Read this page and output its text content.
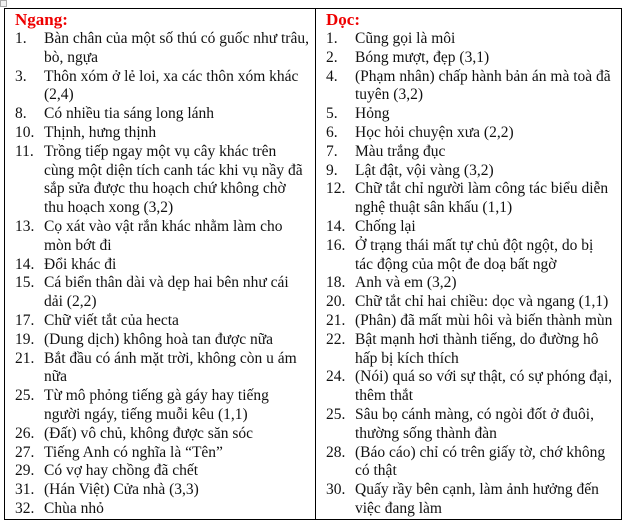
Ngang:
1.	Bàn chân của một số thú có guốc như trâu, bò, ngựa
3.	Thôn xóm ở lẻ loi, xa các thôn xóm khác (2,4)
8.	Có nhiều tia sáng long lánh
10. Thịnh, hưng thịnh
11. Trồng tiếp ngay một vụ cây khác trên cùng một diện tích canh tác khi vụ nầy đã sắp sửa được thu hoạch chứ không chờ thu hoạch xong (3,2)
13. Cọ xát vào vật rắn khác nhằm làm cho mòn bớt đi
14. Đổi khác đi
15. Cá biển thân dài và dẹp hai bên như cái dải (2,2)
17. Chữ viết tắt của hecta
19. (Dung dịch) không hoà tan được nữa
21. Bắt đầu có ánh mặt trời, không còn u ám nữa
25. Từ mô phỏng tiếng gà gáy hay tiếng người ngáy, tiếng muỗi kêu (1,1)
26. (Đất) vô chủ, không được săn sóc
27. Tiếng Anh có nghĩa là “Tên”
29. Có vợ hay chồng đã chết
31. (Hán Việt) Cửa nhà (3,3)
32. Chùa nhỏ
Dọc:
1.	Cũng gọi là môi
2.	Bóng mượt, đẹp (3,1)
4.	(Phạm nhân) chấp hành bản án mà toà đã tuyên (3,2)
5.	Hỏng
6.	Học hỏi chuyện xưa (2,2)
7.	Màu trắng đục
9.	Lật đật, vội vàng (3,2)
12. Chữ tắt chỉ người làm công tác biểu diễn nghệ thuật sân khấu (1,1)
14. Chống lại
16. Ở trạng thái mất tự chủ đột ngột, do bị tác động của một đe doạ bất ngờ
18. Anh và em (3,2)
20. Chữ tắt chỉ hai chiều: dọc và ngang (1,1)
21. (Phân) đã mất mùi hôi và biến thành mùn
22. Bật mạnh hơi thành tiếng, do đường hô hấp bị kích thích
24. (Nói) quá so với sự thật, có sự phóng đại, thêm thắt
25. Sâu bọ cánh màng, có ngòi đốt ở đuôi, thường sống thành đàn
28. (Báo cáo) chỉ có trên giấy tờ, chớ không có thật
30. Quấy rầy bên cạnh, làm ảnh hưởng đến việc đang làm
